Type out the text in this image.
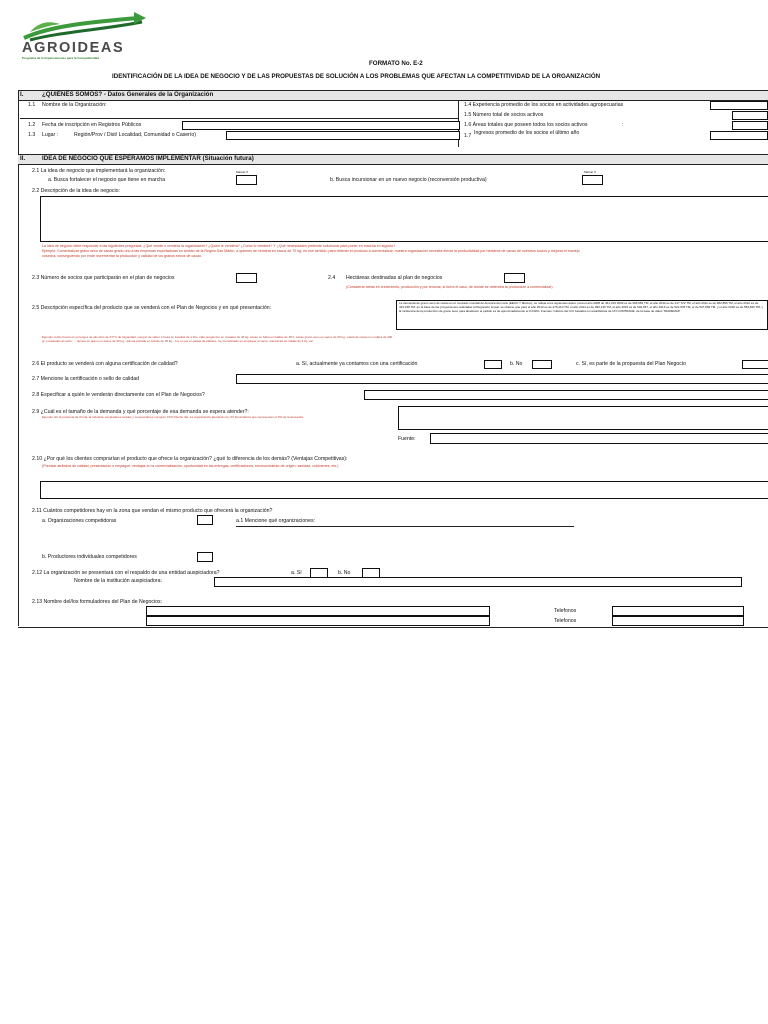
AGROIDEAS
Programa de Compensaciones para la Competitividad
FORMATO No. E-2
IDENTIFICACIÓN DE LA IDEA DE NEGOCIO Y DE LAS PROPUESTAS DE SOLUCIÓN A LOS PROBLEMAS QUE AFECTAN LA COMPETITIVIDAD DE LA ORGANIZACIÓN
I.	¿QUIÉNES SOMOS? - Datos Generales de la Organización
1.1 Nombre de la Organización:
1.2 Fecha de inscripción en Registros Públicos
1.3 Lugar :	Región/Prov / Dist/ Localidad, Comunidad o Caserío)
1.4 Experiencia promedio de los socios en actividades agropecuarias
1.5 Número total de socios activos
1.6 Áreas totales que poseen todos los socios activos	:
1.7 Ingresos promedio de los socios el último año
II.	IDEA DE NEGOCIO QUE ESPERAMOS IMPLEMENTAR (Situación futura)
2.1 La idea de negocio que implementará la organización:	Marcar X	Marcar X
a. Busca fortalecer el negocio que tiene en marcha	b. Busca incursionar en un nuevo negocio (reconversión productiva)
2.2 Descripción de la idea de negocio:
La idea de negocio debe responder a las siguientes preguntas: ¿Qué vende o venderá la organización? ¿Quién le venderá? ¿Cómo lo venderá? Y ¿Qué necesidades pretende solucionar para poner en marcha el negocio?
Ejemplo: Comercializar grano seco de cacao grado uno a las empresas exportadoras en ámbito de la Región San Martín, a quienes de venderá en sacos de 70 kg; en ese sentido, para obtener el producto a comercializar, nuestra organización necesita elevar la productividad por hectárea de cacao de nuestros socios y mejorar el manejo
cosecha, conseguiendo por ende incrementar la producción y calidad de los granos secos de cacao.
2.3 Número de socios que participarán en el plan de negocios	2.4 Hectáreas destinadas al plan de negocios
(Considerar áreas en crecimiento, producción y por renovar, si fuera el caso, de donde se obtendrá la producción a comercializar)
2.5 Descripción específica del producto que se venderá con el Plan de Negocios y en qué presentación:
La demanda de grano seco de cacao en el mercado mundial de América del norte (EEUU Y México), se refleja a los siguientes datos: para el año 2008 de 461,319 2009 es de 406,652 TM, el año 2010 es de 417,722 TM, el año 2011 es de 482,895 TM, el año 2012 es de 433,158 TM, en la base de las proyecciones realizadas al Regresión Lineal, se obtiene que para el año 2013 es de 476,210 TM, el año 2014 es de 490,146 TM, el año 2015 es de 504,057, el año 2016 es de 521,978 TM, el de 537,899 TM, y el año 2018 es de 553,820 TM, y la incidencia de la producción de grano seco para abastecer el pedido es de aproximadamente el 0.019%. Fuentes: Cálculo del CCI basados en estadísticas de UN COMTRADE, de la base de datos TRADEMAP.
Ejemplo: leche fresca en porongos de aluminio de X?? lt de capacidad, yougurt de sabor a fresa en botellas de 1 litro, café pergamino en costales de 46 kg, cacao en baba en baldes de 18 lt, cacao grano seco en sacos de 50 kg., pasta de cacao en moldes de 200 gr. envasados al vacío, ... quinua en grano en sacos de 50 kg., quinua perlada en bolsas de 25 kg., cuy en pie en jaulas de plástico, cuy beneficiado en empaque al vacío, manzanas en mallas de 1 kg, etc.
2.6 El producto se venderá con alguna certificación de calidad?	a. Sí, actualmente ya contamos con una certificación	b. No	c. Sí, es parte de la propuesta del Plan Negocio
2.7 Mencione la certificación o sello de calidad
2.8 Especificar a quién le venderán directamente con el Plan de Negocios?
2.9 ¿Cuál es el tamaño de la demanda y qué porcentaje de esa demanda se espera atender?:
Ejemplo: En la provincia de Chota, la industria, acopiadores locales y consumidores compran XXX lt/leche día. La organización atenderá con XX litros/diarios que representan el X% de la demanda
Fuente:
2.10 ¿Por qué los clientes comprarían el producto que ofrece la organización? ¿qué lo diferencia de los demás? (Ventajas Competitivas):
(Precisar atributos de calidad, presentación o empaque, ventajas en la comercialización, oportunidad en las entregas, certificaciones, reconocimiento de origen, sanidad, volúmenes, etc.)
2.11 Cuántos competidores hay en la zona que vendan el mismo producto que ofrecerá la organización?
a. Organizaciones competidoras	a.1 Mencione qué organizaciones:
b. Productores individuales competidores
2.12 La organización se presentará con el respaldo de una entidad auspiciadora?	a. Sí	b. No
Nombre de la institución auspiciadora:
2.13 Nombre del/los formuladores del Plan de Negocios:
Telefonos
Telefonos
